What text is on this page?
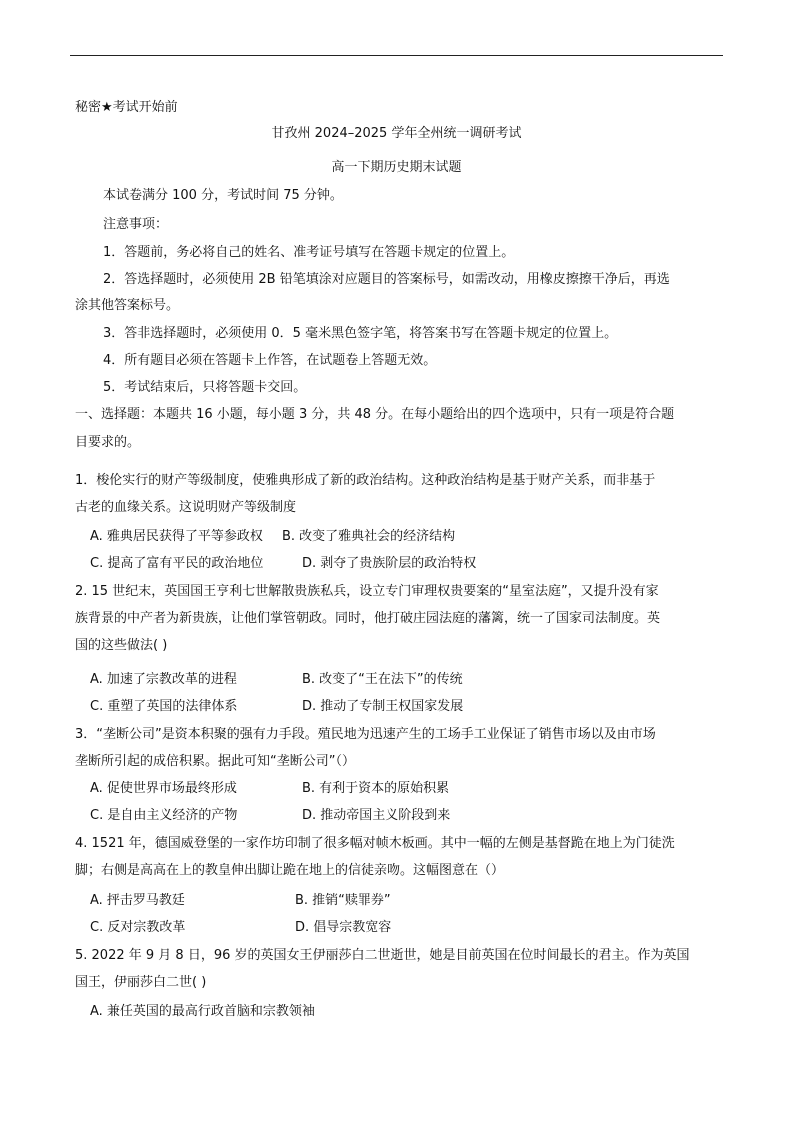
秘密★考试开始前
甘孜州 2024–2025 学年全州统一调研考试
高一下期历史期末试题
本试卷满分 100 分，考试时间 75 分钟。
注意事项：
1．答题前，务必将自己的姓名、准考证号填写在答题卡规定的位置上。
2．答选择题时，必须使用 2B 铅笔填涂对应题目的答案标号，如需改动，用橡皮擦擦干净后，再选
涂其他答案标号。
3．答非选择题时，必须使用 0．5 毫米黑色签字笔，将答案书写在答题卡规定的位置上。
4．所有题目必须在答题卡上作答，在试题卷上答题无效。
5．考试结束后，只将答题卡交回。
一、选择题：本题共 16 小题，每小题 3 分，共 48 分。在每小题给出的四个选项中，只有一项是符合题
目要求的。
1．梭伦实行的财产等级制度，使雅典形成了新的政治结构。这种政治结构是基于财产关系，而非基于
古老的血缘关系。这说明财产等级制度
A. 雅典居民获得了平等参政权 B. 改变了雅典社会的经济结构
C. 提高了富有平民的政治地位	D. 剥夺了贵族阶层的政治特权
2. 15 世纪末，英国国王亨利七世解散贵族私兵，设立专门审理权贵要案的“星室法庭”，又提升没有家
族背景的中产者为新贵族，让他们掌管朝政。同时，他打破庄园法庭的藩篱，统一了国家司法制度。英
国的这些做法( )
A. 加速了宗教改革的进程	B. 改变了“王在法下”的传统
C. 重塑了英国的法律体系	D. 推动了专制王权国家发展
3．“垄断公司”是资本积聚的强有力手段。殖民地为迅速产生的工场手工业保证了销售市场以及由市场
垄断所引起的成倍积累。据此可知“垄断公司”（）
A. 促使世界市场最终形成	B. 有利于资本的原始积累
C. 是自由主义经济的产物	D. 推动帝国主义阶段到来
4. 1521 年，德国威登堡的一家作坊印制了很多幅对帧木板画。其中一幅的左侧是基督跪在地上为门徒洗
脚；右侧是高高在上的教皇伸出脚让跪在地上的信徒亲吻。这幅图意在（）
A. 抨击罗马教廷	B. 推销“赎罪券”
C. 反对宗教改革	D. 倡导宗教宽容
5. 2022 年 9 月 8 日，96 岁的英国女王伊丽莎白二世逝世，她是目前英国在位时间最长的君主。作为英国
国王，伊丽莎白二世( )
A. 兼任英国的最高行政首脑和宗教领袖
